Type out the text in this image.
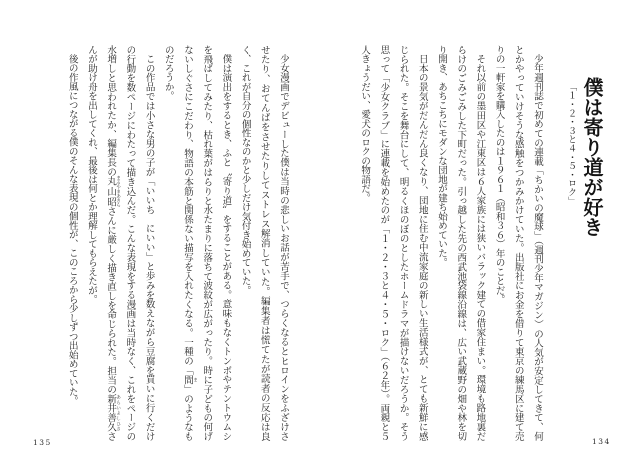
僕は寄り道が好き
「１・２・３と４・５・ロク」

少年週刊誌で初めての連載「ちかいの魔球」（週刊少年マガジン）の人気が安定してきて、何とかやっていけそうな感触をつかみかけていた。出版社にお金を借りて東京の練馬区に建て売りの一軒家を購入したのは１９６１（昭和３６）年のことだ。

それ以前の墨田区や江東区は６人家族には狭いバラック建ての借家住まい。環境も路地裏だらけのごみごみした下町だった。引っ越した先の西武池袋線沿線は、広い武蔵野の畑や林を切り開き、あちこちにモダンな団地が建ち始めていた。

日本の景気がだんだん良くなり、団地に住む中流家庭の新しい生活様式が、とても新鮮に感じられた。そこを舞台にして、明るくほのぼのとしたホームドラマが描けないだろうか。そう思って「少女クラブ」に連載を始めたのが「１・２・３と４・５・ロク」（６２年）。両親と５人きょうだい、愛犬のロクの物語だ。

少女漫画でデビューした僕は当時の悲しいお話が苦手で、つらくなるとヒロインをふざけさせたり、おてんばをさせたりしてストレス解消していた。編集者は慌てたが読者の反応は良く、これが自分の個性なのかと少しだけ気付き始めていた。

僕は演出をするとき、ふと〝寄り道〟をすることがある。意味もなくトンボやテントウムシを飛ばしてみたり、枯れ葉がはらりと水たまりに落ちて波紋が広がったり。時に子どもの何げないしぐさにこだわり、物語の本筋と関係ない描写を入れたくなる。一種の「間 ま」のようなものだろうか。

この作品では小さな男の子が「いいち　にいい」と歩みを数えながら豆腐を買いに行くだけの行動を数ページにわたって描き込んだ。こんな表現をする漫画は当時なく、これをページの水増しと思われたか、編集長の丸山昭 まるやまあきらさんに厳しく描き直しを命じられた。担当の新井善久 あらいよしひささんが助け舟を出してくれ、最後は何とか理解してもらえたが。

後の作風につながる僕のそんな表現の個性が、このころから少しずつ出始めていた。

134
135
